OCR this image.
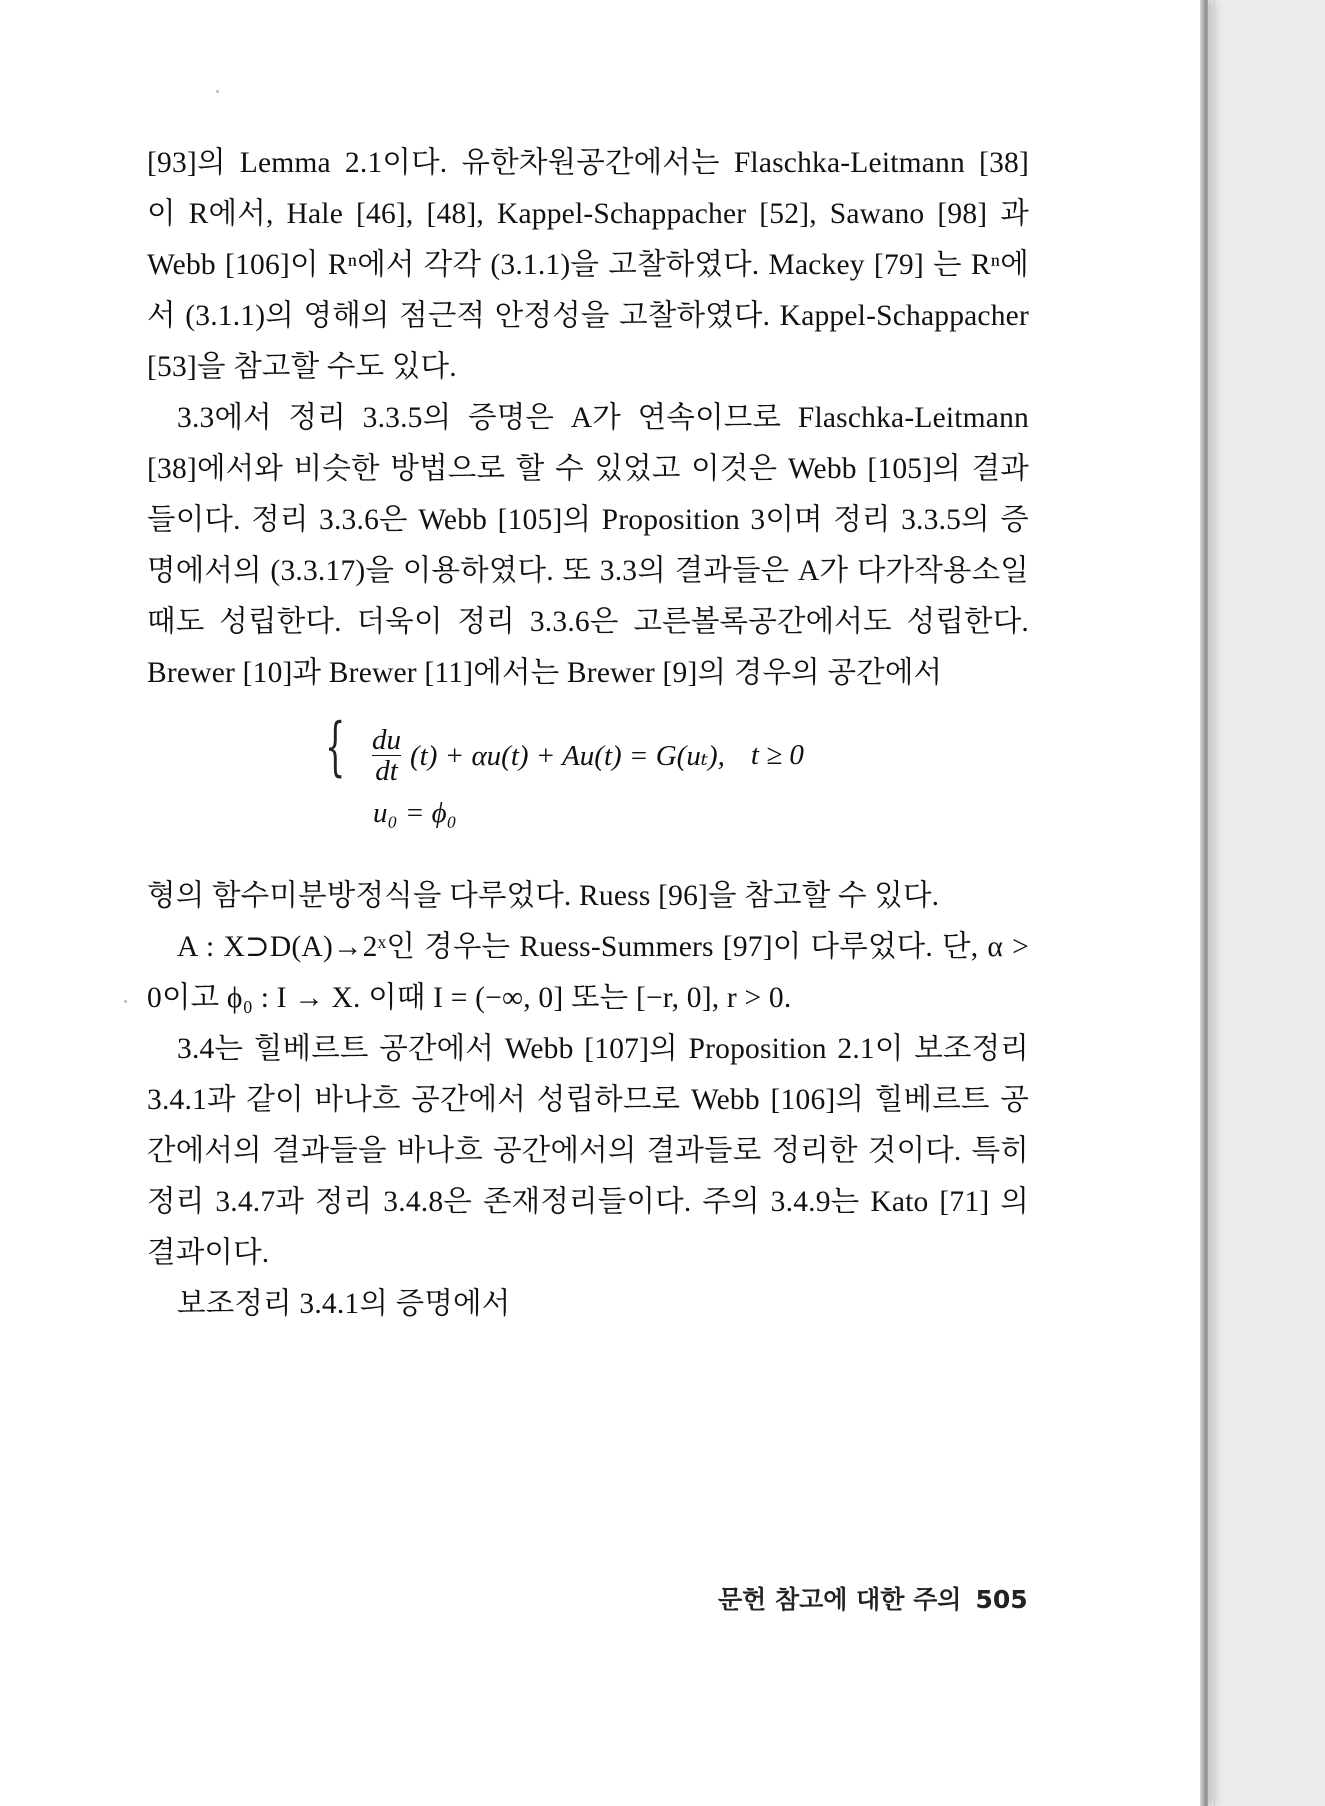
[93]의 Lemma 2.1이다. 유한차원공간에서는 Flaschka-Leitmann [38] 이 R에서, Hale [46], [48], Kappel-Schappacher [52], Sawano [98] 과 Webb [106]이 Rⁿ에서 각각 (3.1.1)을 고찰하였다. Mackey [79] 는 Rⁿ에서 (3.1.1)의 영해의 점근적 안정성을 고찰하였다. Kappel-Schappacher [53]을 참고할 수도 있다.

3.3에서 정리 3.3.5의 증명은 A가 연속이므로 Flaschka-Leitmann [38]에서와 비슷한 방법으로 할 수 있었고 이것은 Webb [105]의 결과들이다. 정리 3.3.6은 Webb [105]의 Proposition 3이며 정리 3.3.5의 증명에서의 (3.3.17)을 이용하였다. 또 3.3의 결과들은 A가 다가작용소일 때도 성립한다. 더욱이 정리 3.3.6은 고른볼록공간에서도 성립한다. Brewer [10]과 Brewer [11]에서는 Brewer [9]의 경우의 공간에서

{ $\frac{du}{dt} (t) + \alpha u(t) + Au(t) = G(u_t)$, t ≥ 0
u₀ = ϕ₀

형의 함수미분방정식을 다루었다. Ruess [96]을 참고할 수 있다.

A : X⊃D(A)→2ˣ인 경우는 Ruess-Summers [97]이 다루었다. 단, α > 0이고 ϕ₀ : I → X. 이때 I = (−∞, 0] 또는 [−r, 0], r > 0.

3.4는 힐베르트 공간에서 Webb [107]의 Proposition 2.1이 보조정리 3.4.1과 같이 바나흐 공간에서 성립하므로 Webb [106]의 힐베르트 공간에서의 결과들을 바나흐 공간에서의 결과들로 정리한 것이다. 특히 정리 3.4.7과 정리 3.4.8은 존재정리들이다. 주의 3.4.9는 Kato [71] 의 결과이다.

보조정리 3.4.1의 증명에서

문헌 참고에 대한 주의 505
